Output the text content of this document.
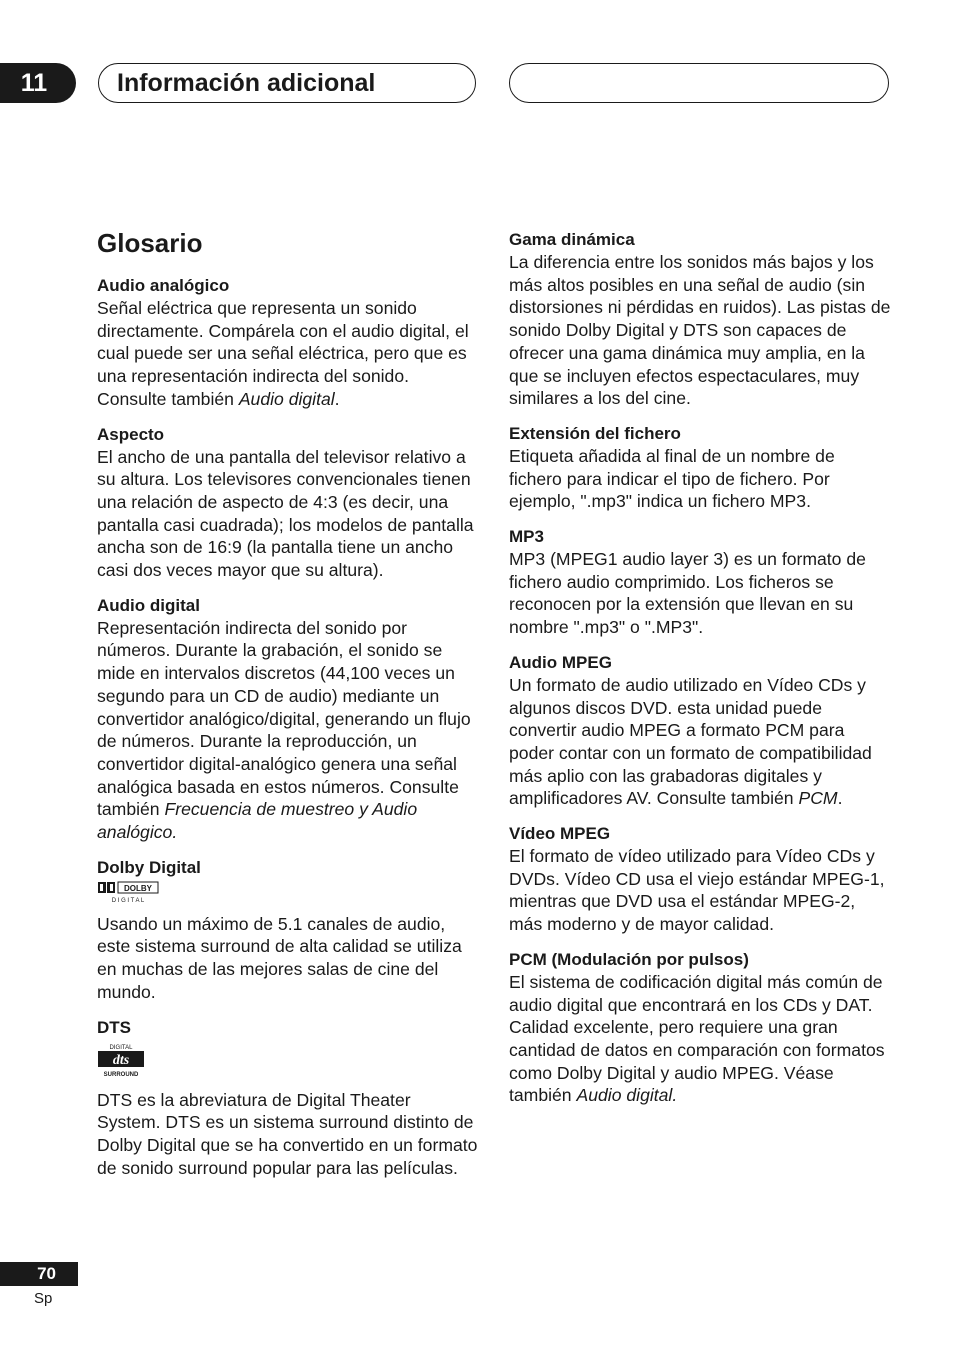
11	Información adicional
Glosario
Audio analógico

Señal eléctrica que representa un sonido directamente. Compárela con el audio digital, el cual puede ser una señal eléctrica, pero que es una representación indirecta del sonido. Consulte también Audio digital.

Aspecto

El ancho de una pantalla del televisor relativo a su altura. Los televisores convencionales tienen una relación de aspecto de 4:3 (es decir, una pantalla casi cuadrada); los modelos de pantalla ancha son de 16:9 (la pantalla tiene un ancho casi dos veces mayor que su altura).

Audio digital

Representación indirecta del sonido por números. Durante la grabación, el sonido se mide en intervalos discretos (44,100 veces un segundo para un CD de audio) mediante un convertidor analógico/digital, generando un flujo de números. Durante la reproducción, un convertidor digital-analógico genera una señal analógica basada en estos números. Consulte también Frecuencia de muestreo y Audio analógico.

Dolby Digital
DOLBY
D I G I T A L

Usando un máximo de 5.1 canales de audio, este sistema surround de alta calidad se utiliza en muchas de las mejores salas de cine del mundo.

DTS
DIGITAL
dts
SURROUND

DTS es la abreviatura de Digital Theater System. DTS es un sistema surround distinto de Dolby Digital que se ha convertido en un formato de sonido surround popular para las películas.

Gama dinámica

La diferencia entre los sonidos más bajos y los más altos posibles en una señal de audio (sin distorsiones ni pérdidas en ruidos). Las pistas de sonido Dolby Digital y DTS son capaces de ofrecer una gama dinámica muy amplia, en la que se incluyen efectos espectaculares, muy similares a los del cine.

Extensión del fichero

Etiqueta añadida al final de un nombre de fichero para indicar el tipo de fichero. Por ejemplo, ".mp3" indica un fichero MP3.

MP3

MP3 (MPEG1 audio layer 3) es un formato de fichero audio comprimido. Los ficheros se reconocen por la extensión que llevan en su nombre ".mp3" o ".MP3".

Audio MPEG

Un formato de audio utilizado en Vídeo CDs y algunos discos DVD. esta unidad puede convertir audio MPEG a formato PCM para poder contar con un formato de compatibilidad más aplio con las grabadoras digitales y amplificadores AV. Consulte también PCM.

Vídeo MPEG

El formato de vídeo utilizado para Vídeo CDs y DVDs. Vídeo CD usa el viejo estándar MPEG-1, mientras que DVD usa el estándar MPEG-2, más moderno y de mayor calidad.

PCM (Modulación por pulsos)

El sistema de codificación digital más común de audio digital que encontrará en los CDs y DAT. Calidad excelente, pero requiere una gran cantidad de datos en comparación con formatos como Dolby Digital y audio MPEG. Véase también Audio digital.

70
Sp
